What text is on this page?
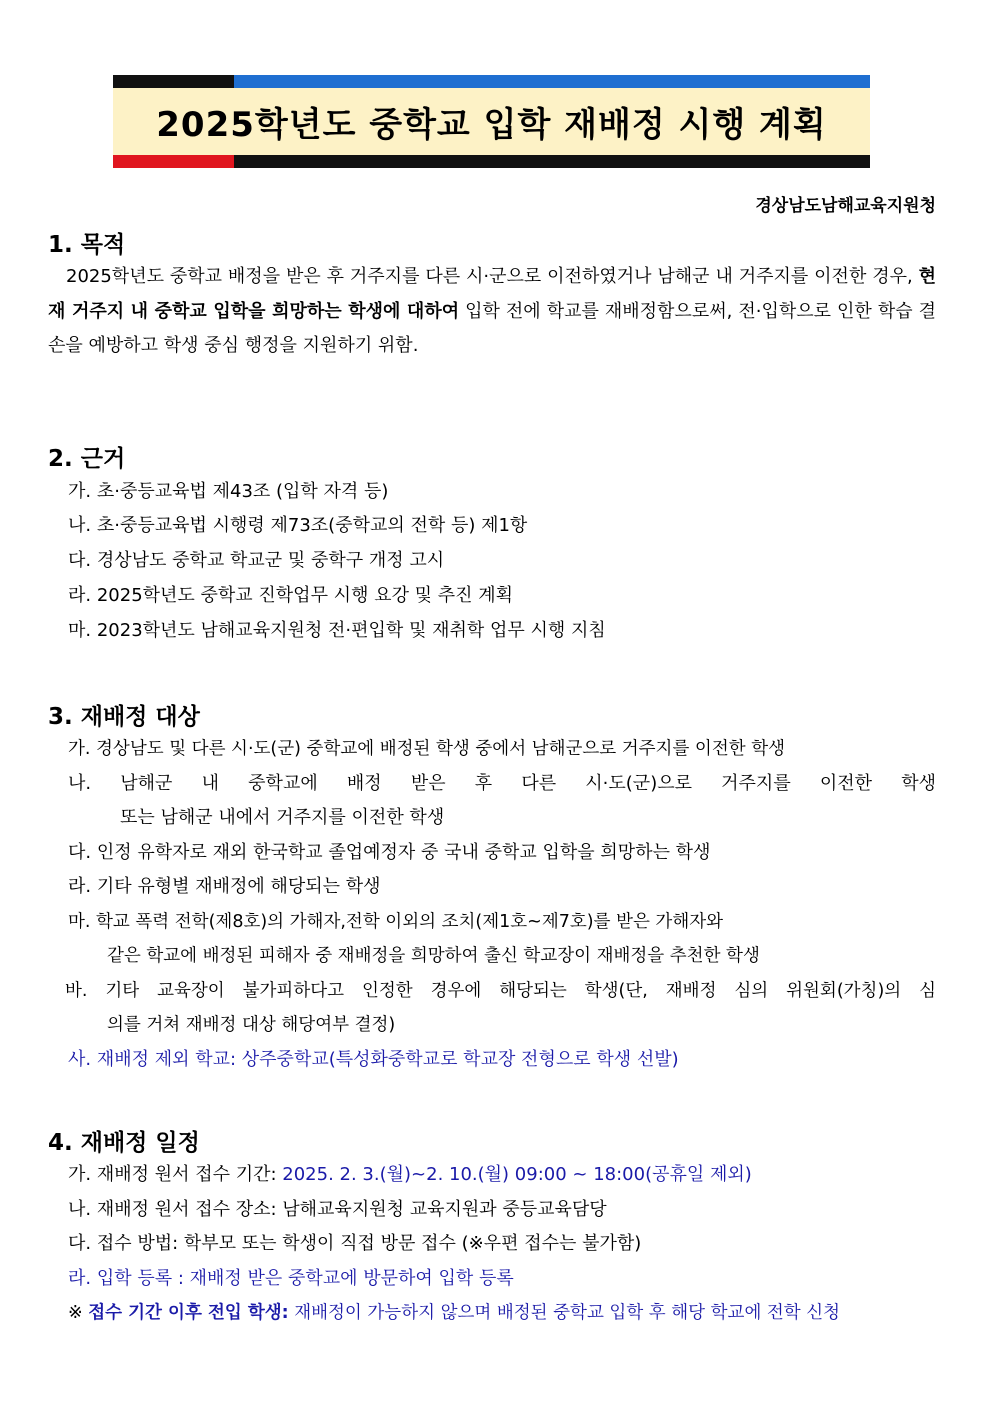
2025학년도 중학교 입학 재배정 시행 계획
경상남도남해교육지원청
1. 목적

2025학년도 중학교 배정을 받은 후 거주지를 다른 시·군으로 이전하였거나 남해군 내 거주지를 이전한 경우, 현재 거주지 내 중학교 입학을 희망하는 학생에 대하여 입학 전에 학교를 재배정함으로써, 전·입학으로 인한 학습 결손을 예방하고 학생 중심 행정을 지원하기 위함.

2. 근거
가. 초·중등교육법 제43조 (입학 자격 등)
나. 초·중등교육법 시행령 제73조(중학교의 전학 등) 제1항
다. 경상남도 중학교 학교군 및 중학구 개정 고시
라. 2025학년도 중학교 진학업무 시행 요강 및 추진 계획
마. 2023학년도 남해교육지원청 전·편입학 및 재취학 업무 시행 지침
3. 재배정 대상
가. 경상남도 및 다른 시·도(군) 중학교에 배정된 학생 중에서 남해군으로 거주지를 이전한 학생
나. 남해군 내 중학교에 배정 받은 후 다른 시·도(군)으로 거주지를 이전한 학생
또는 남해군 내에서 거주지를 이전한 학생
다. 인정 유학자로 재외 한국학교 졸업예정자 중 국내 중학교 입학을 희망하는 학생
라. 기타 유형별 재배정에 해당되는 학생
마. 학교 폭력 전학(제8호)의 가해자,전학 이외의 조치(제1호~제7호)를 받은 가해자와
같은 학교에 배정된 피해자 중 재배정을 희망하여 출신 학교장이 재배정을 추천한 학생
바. 기타 교육장이 불가피하다고 인정한 경우에 해당되는 학생(단, 재배정 심의 위원회(가칭)의 심
의를 거쳐 재배정 대상 해당여부 결정)
사. 재배정 제외 학교: 상주중학교(특성화중학교로 학교장 전형으로 학생 선발)
4. 재배정 일정
가. 재배정 원서 접수 기간: 2025. 2. 3.(월)~2. 10.(월) 09:00 ~ 18:00(공휴일 제외)
나. 재배정 원서 접수 장소: 남해교육지원청 교육지원과 중등교육담당
다. 접수 방법: 학부모 또는 학생이 직접 방문 접수 (※우편 접수는 불가함)
라. 입학 등록 : 재배정 받은 중학교에 방문하여 입학 등록
※ 접수 기간 이후 전입 학생: 재배정이 가능하지 않으며 배정된 중학교 입학 후 해당 학교에 전학 신청
